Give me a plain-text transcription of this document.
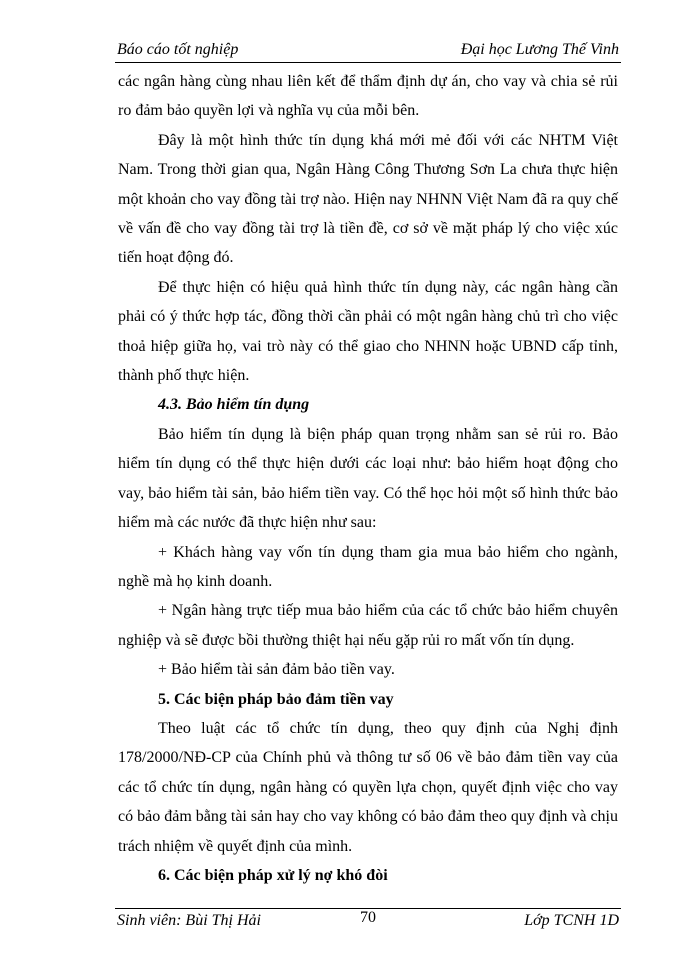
Báo cáo tốt nghiệp	Đại học Lương Thế Vinh

các ngân hàng cùng nhau liên kết để thẩm định dự án, cho vay và chia sẻ rủi ro đảm bảo quyền lợi và nghĩa vụ của mỗi bên.

Đây là một hình thức tín dụng khá mới mẻ đối với các NHTM Việt Nam. Trong thời gian qua, Ngân Hàng Công Thương Sơn La chưa thực hiện một khoản cho vay đồng tài trợ nào. Hiện nay NHNN Việt Nam đã ra quy chế về vấn đề cho vay đồng tài trợ là tiền đề, cơ sở về mặt pháp lý cho việc xúc tiến hoạt động đó.

Để thực hiện có hiệu quả hình thức tín dụng này, các ngân hàng cần phải có ý thức hợp tác, đồng thời cần phải có một ngân hàng chủ trì cho việc thoả hiệp giữa họ, vai trò này có thể giao cho NHNN hoặc UBND cấp tỉnh, thành phố thực hiện.

4.3. Bảo hiểm tín dụng

Bảo hiểm tín dụng là biện pháp quan trọng nhằm san sẻ rủi ro. Bảo hiểm tín dụng có thể thực hiện dưới các loại như: bảo hiểm hoạt động cho vay, bảo hiểm tài sản, bảo hiểm tiền vay. Có thể học hỏi một số hình thức bảo hiểm mà các nước đã thực hiện như sau:

+ Khách hàng vay vốn tín dụng tham gia mua bảo hiểm cho ngành, nghề mà họ kinh doanh.

+ Ngân hàng trực tiếp mua bảo hiểm của các tổ chức bảo hiểm chuyên nghiệp và sẽ được bồi thường thiệt hại nếu gặp rủi ro mất vốn tín dụng.

+ Bảo hiểm tài sản đảm bảo tiền vay.

5. Các biện pháp bảo đảm tiền vay

Theo luật các tổ chức tín dụng, theo quy định của Nghị định 178/2000/NĐ-CP của Chính phủ và thông tư số 06 về bảo đảm tiền vay của các tổ chức tín dụng, ngân hàng có quyền lựa chọn, quyết định việc cho vay có bảo đảm bằng tài sản hay cho vay không có bảo đảm theo quy định và chịu trách nhiệm về quyết định của mình.

6. Các biện pháp xử lý nợ khó đòi

Sinh viên: Bùi Thị Hải	70	Lớp TCNH 1D
